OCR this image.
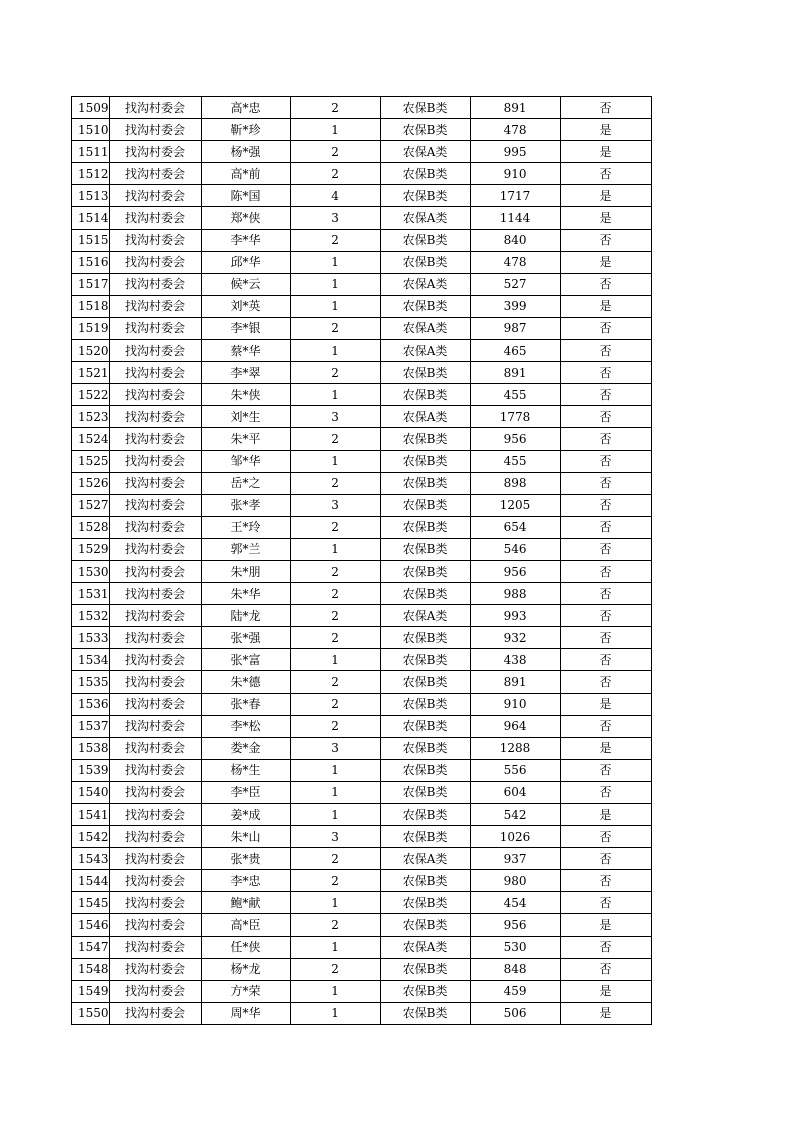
1509	找沟村委会	高*忠	2	农保B类	891	否
1510	找沟村委会	靳*珍	1	农保B类	478	是
1511	找沟村委会	杨*强	2	农保A类	995	是
1512	找沟村委会	高*前	2	农保B类	910	否
1513	找沟村委会	陈*国	4	农保B类	1717	是
1514	找沟村委会	郑*侠	3	农保A类	1144	是
1515	找沟村委会	李*华	2	农保B类	840	否
1516	找沟村委会	邱*华	1	农保B类	478	是
1517	找沟村委会	候*云	1	农保A类	527	否
1518	找沟村委会	刘*英	1	农保B类	399	是
1519	找沟村委会	李*银	2	农保A类	987	否
1520	找沟村委会	蔡*华	1	农保A类	465	否
1521	找沟村委会	李*翠	2	农保B类	891	否
1522	找沟村委会	朱*侠	1	农保B类	455	否
1523	找沟村委会	刘*生	3	农保A类	1778	否
1524	找沟村委会	朱*平	2	农保B类	956	否
1525	找沟村委会	邹*华	1	农保B类	455	否
1526	找沟村委会	岳*之	2	农保B类	898	否
1527	找沟村委会	张*孝	3	农保B类	1205	否
1528	找沟村委会	王*玲	2	农保B类	654	否
1529	找沟村委会	郭*兰	1	农保B类	546	否
1530	找沟村委会	朱*朋	2	农保B类	956	否
1531	找沟村委会	朱*华	2	农保B类	988	否
1532	找沟村委会	陆*龙	2	农保A类	993	否
1533	找沟村委会	张*强	2	农保B类	932	否
1534	找沟村委会	张*富	1	农保B类	438	否
1535	找沟村委会	朱*德	2	农保B类	891	否
1536	找沟村委会	张*春	2	农保B类	910	是
1537	找沟村委会	李*松	2	农保B类	964	否
1538	找沟村委会	娄*金	3	农保B类	1288	是
1539	找沟村委会	杨*生	1	农保B类	556	否
1540	找沟村委会	李*臣	1	农保B类	604	否
1541	找沟村委会	姜*成	1	农保B类	542	是
1542	找沟村委会	朱*山	3	农保B类	1026	否
1543	找沟村委会	张*贵	2	农保A类	937	否
1544	找沟村委会	李*忠	2	农保B类	980	否
1545	找沟村委会	鲍*献	1	农保B类	454	否
1546	找沟村委会	高*臣	2	农保B类	956	是
1547	找沟村委会	任*侠	1	农保A类	530	否
1548	找沟村委会	杨*龙	2	农保B类	848	否
1549	找沟村委会	方*荣	1	农保B类	459	是
1550	找沟村委会	周*华	1	农保B类	506	是
